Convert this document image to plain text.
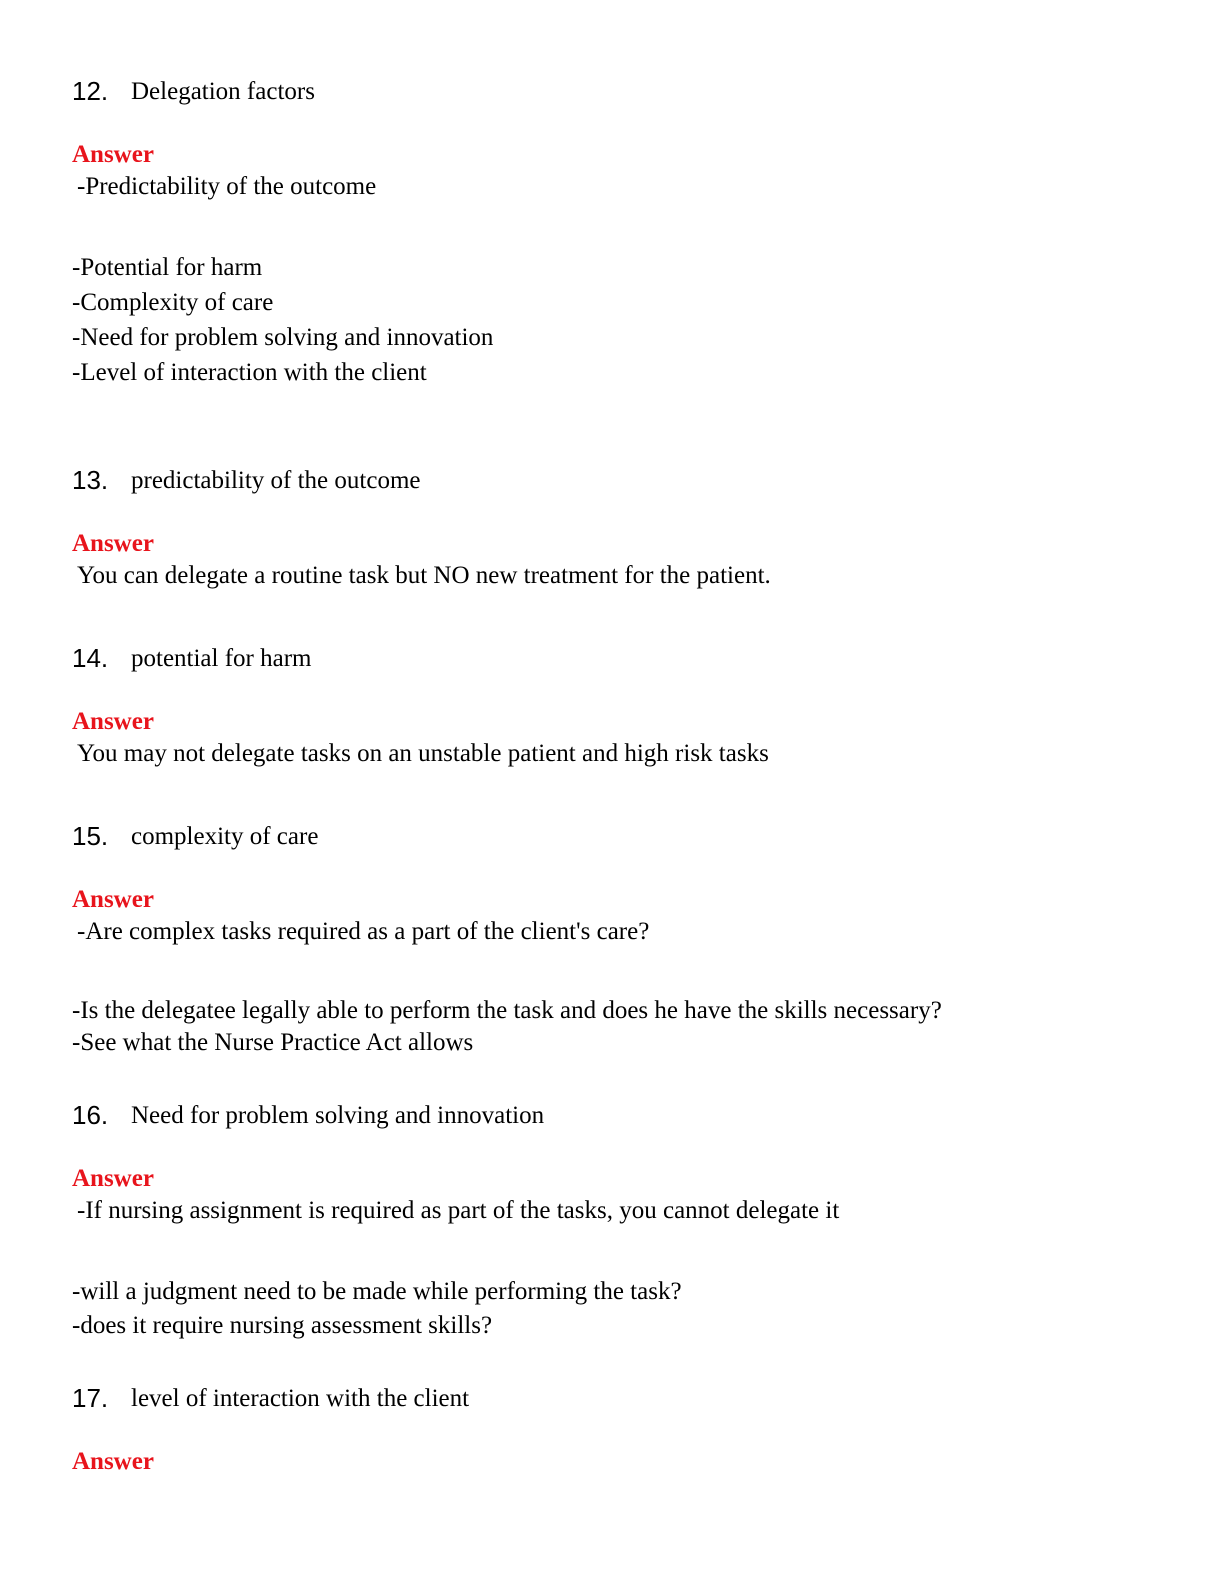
12. Delegation factors
Answer
-Predictability of the outcome
-Potential for harm
-Complexity of care
-Need for problem solving and innovation
-Level of interaction with the client
13. predictability of the outcome
Answer
You can delegate a routine task but NO new treatment for the patient.
14. potential for harm
Answer
You may not delegate tasks on an unstable patient and high risk tasks
15. complexity of care
Answer
-Are complex tasks required as a part of the client's care?
-Is the delegatee legally able to perform the task and does he have the skills necessary?
-See what the Nurse Practice Act allows
16. Need for problem solving and innovation
Answer
-If nursing assignment is required as part of the tasks, you cannot delegate it
-will a judgment need to be made while performing the task?
-does it require nursing assessment skills?
17. level of interaction with the client
Answer
